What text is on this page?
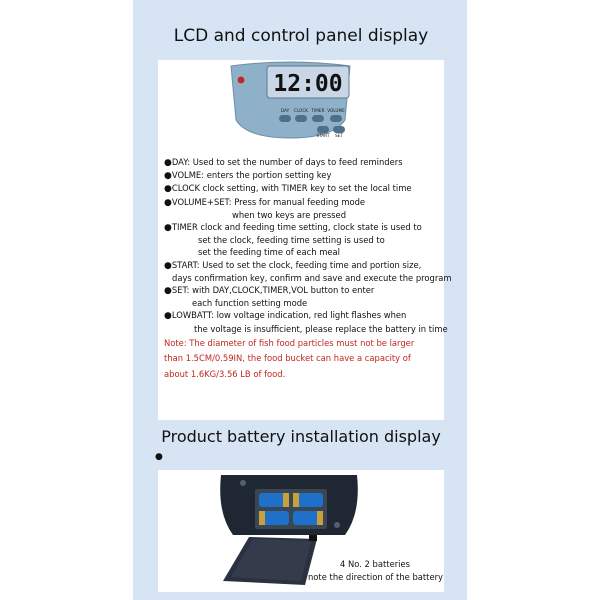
LCD and control panel display
12:00
DAY CLOCK TIMER VOLUME
START SET
●DAY: Used to set the number of days to feed reminders
●VOLME: enters the portion setting key
●CLOCK clock setting, with TIMER key to set the local time
●VOLUME+SET: Press for manual feeding mode
when two keys are pressed
●TIMER clock and feeding time setting, clock state is used to
set the clock, feeding time setting is used to
set the feeding time of each meal
●START: Used to set the clock, feeding time and portion size,
days confirmation key, confirm and save and execute the program
●SET: with DAY,CLOCK,TIMER,VOL button to enter
each function setting mode
●LOWBATT: low voltage indication, red light flashes when
the voltage is insufficient, please replace the battery in time
Note: The diameter of fish food particles must not be larger
than 1.5CM/0.59IN, the food bucket can have a capacity of
about 1.6KG/3.56 LB of food.
Product battery installation display
●
4 No. 2 batteries
note the direction of the battery
